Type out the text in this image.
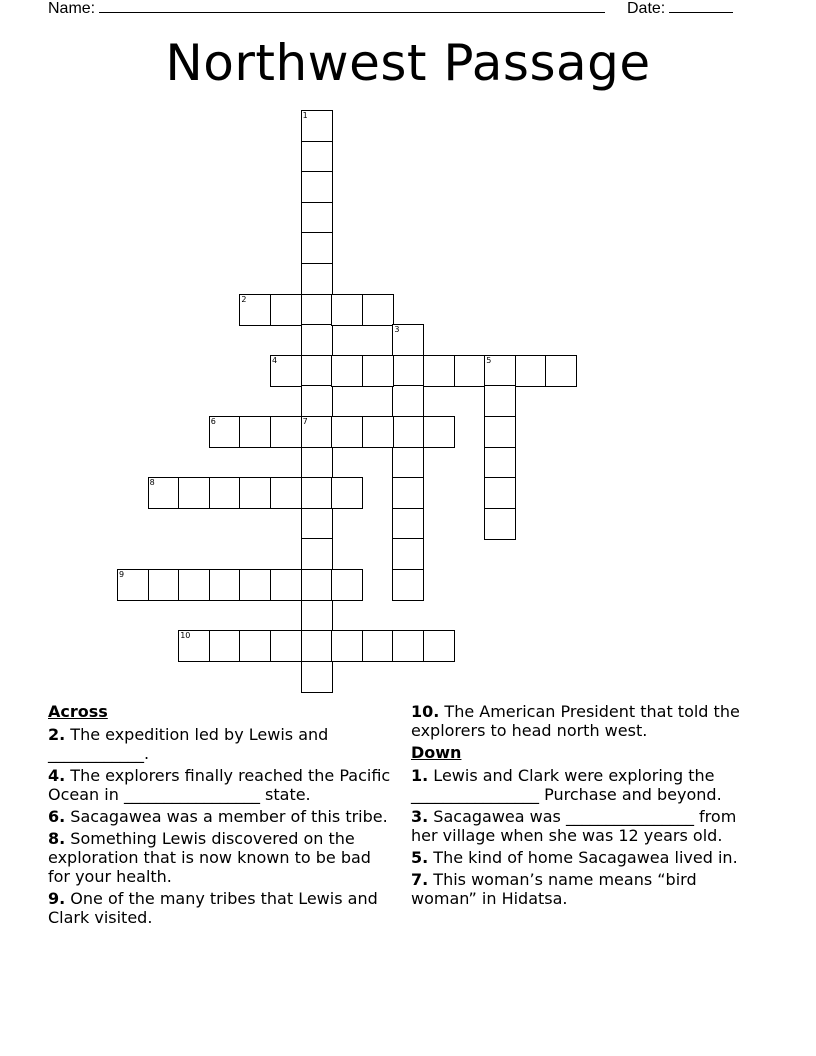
Name:	Date:
Northwest Passage
1
7
2
3
4	5
6
8
9
10
Across
2. The expedition led by Lewis and ____________.
4. The explorers finally reached the Pacific Ocean in _________________ state.
6. Sacagawea was a member of this tribe.
8. Something Lewis discovered on the exploration that is now known to be bad for your health.
9. One of the many tribes that Lewis and Clark visited.
10. The American President that told the explorers to head north west.
Down
1. Lewis and Clark were exploring the ________________ Purchase and beyond.
3. Sacagawea was ________________ from her village when she was 12 years old.
5. The kind of home Sacagawea lived in.
7. This woman’s name means “bird woman” in Hidatsa.
